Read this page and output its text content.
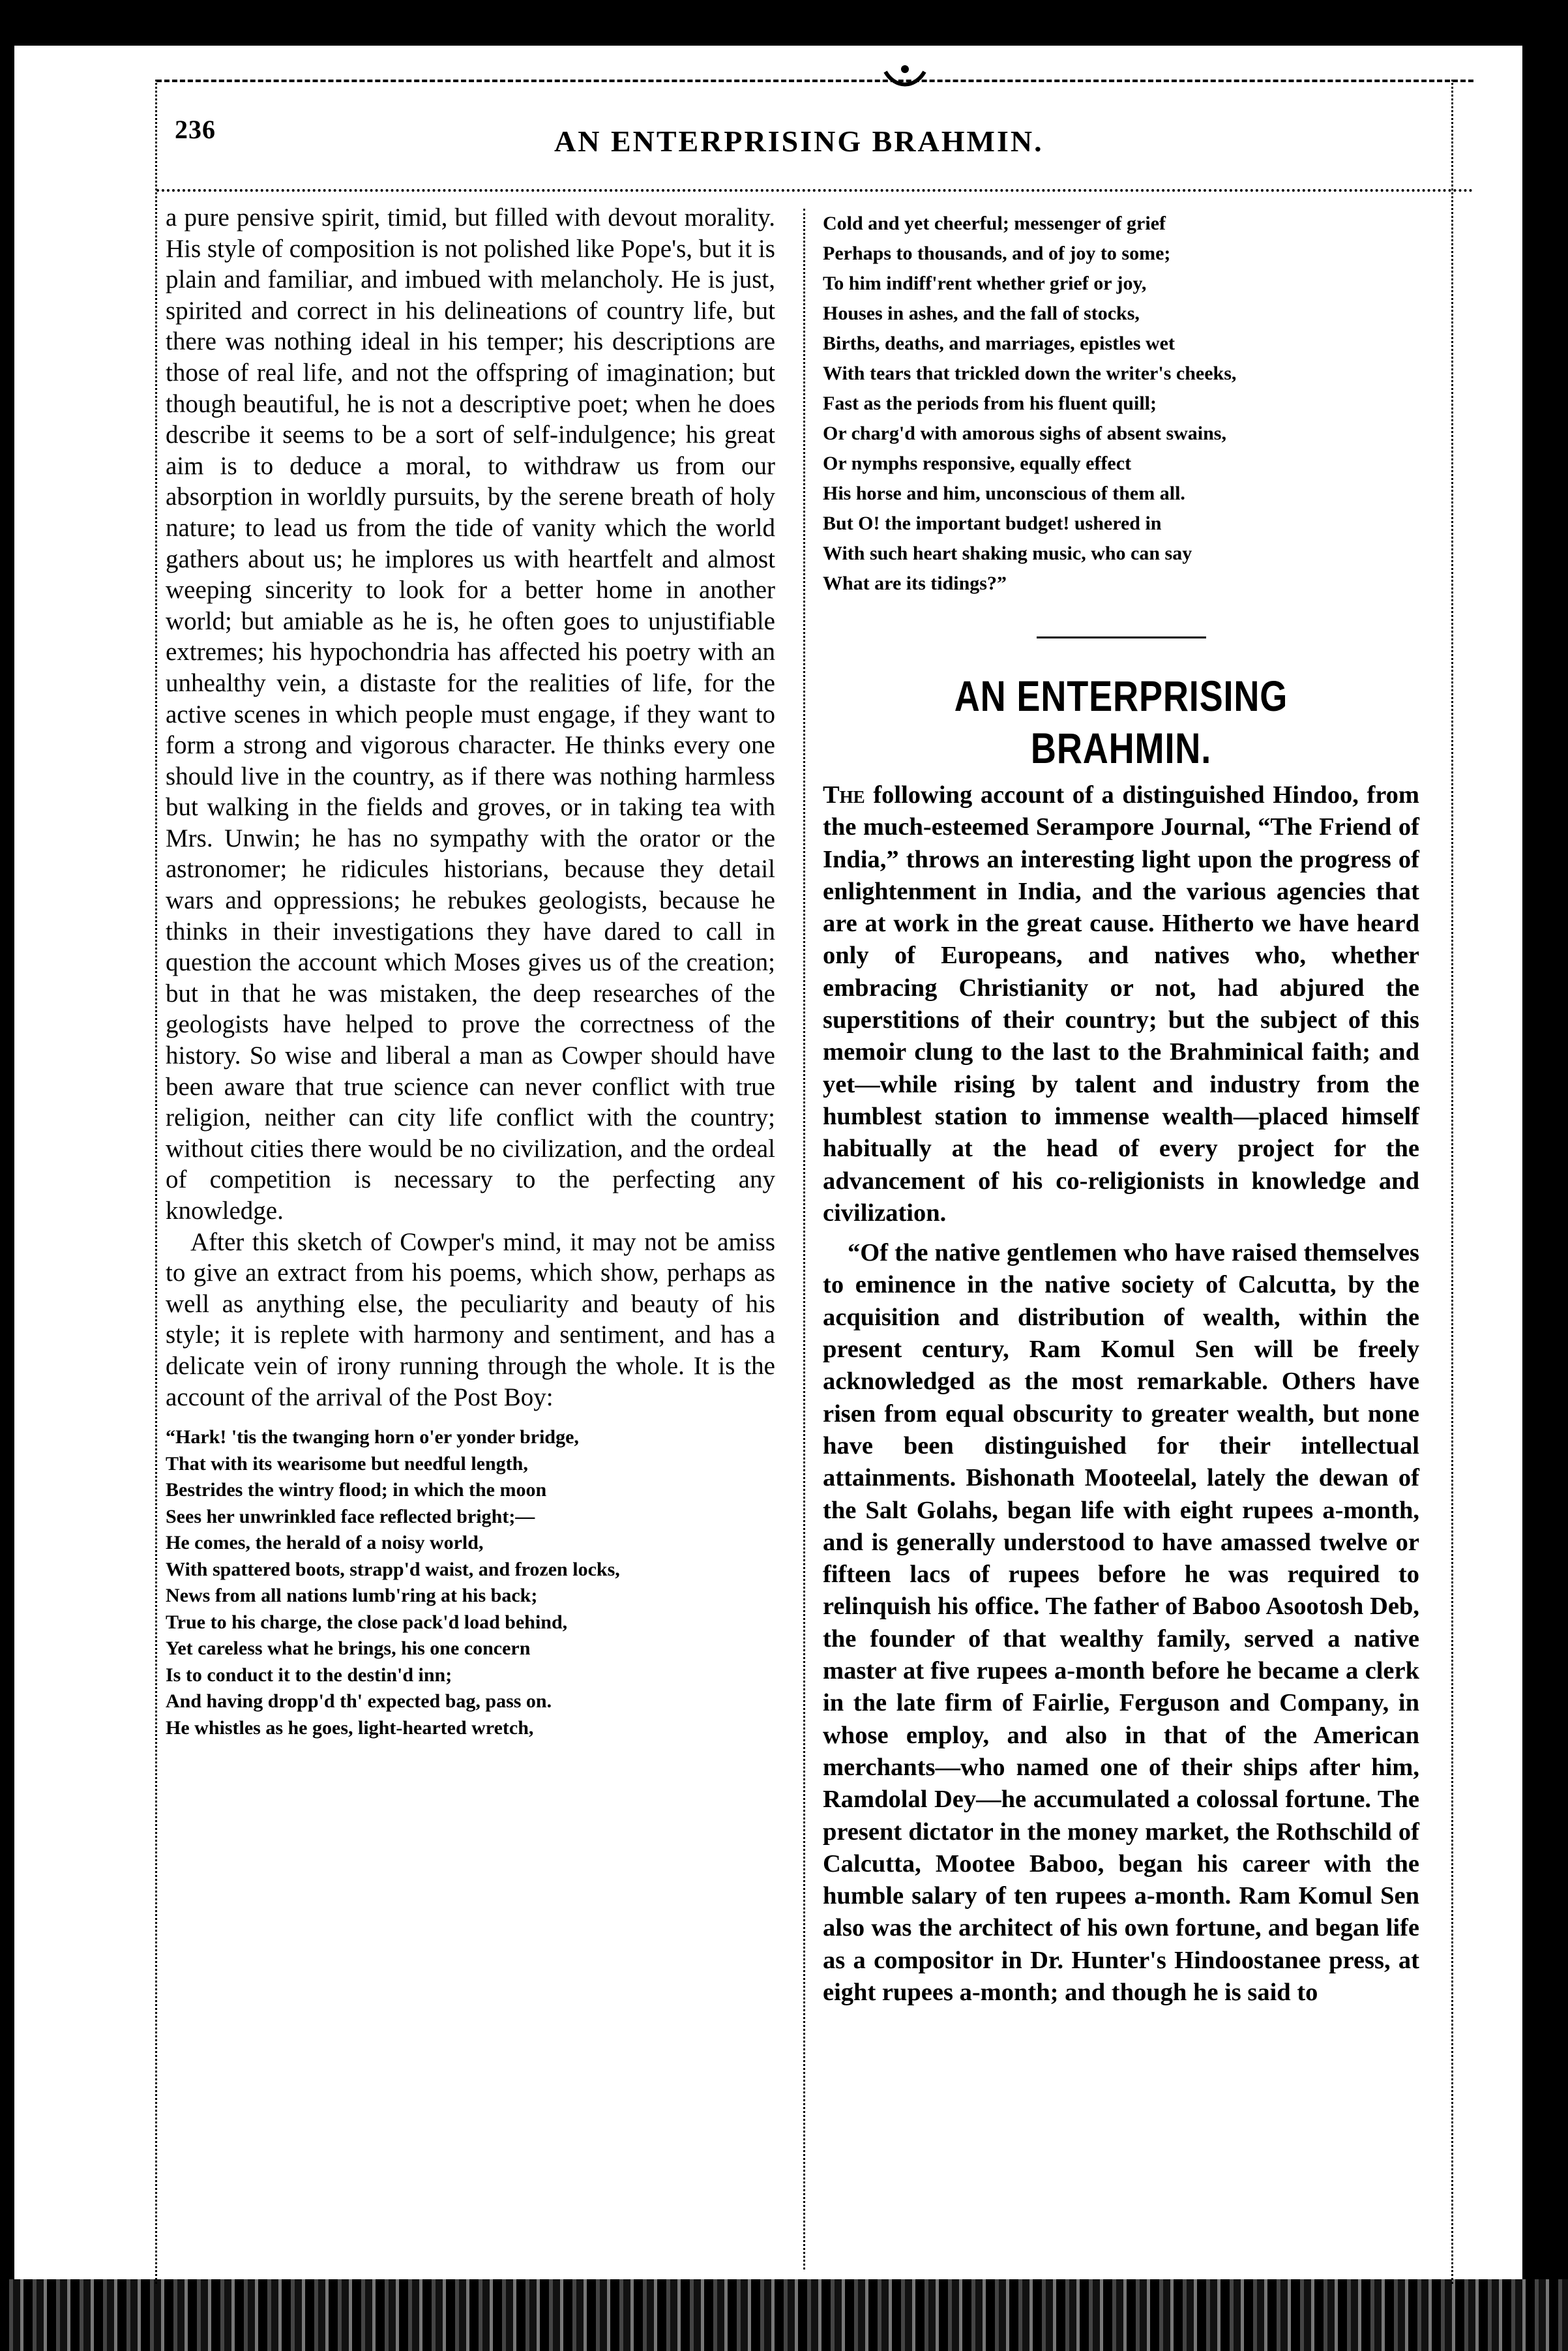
236	AN ENTERPRISING BRAHMIN.

a pure pensive spirit, timid, but filled with devout morality. His style of composition is not polished like Pope's, but it is plain and familiar, and imbued with melancholy. He is just, spirited and correct in his delineations of country life, but there was nothing ideal in his temper; his descriptions are those of real life, and not the offspring of imagination; but though beautiful, he is not a descriptive poet; when he does describe it seems to be a sort of self-indulgence; his great aim is to deduce a moral, to withdraw us from our absorption in worldly pursuits, by the serene breath of holy nature; to lead us from the tide of vanity which the world gathers about us; he implores us with heartfelt and almost weeping sincerity to look for a better home in another world; but amiable as he is, he often goes to unjustifiable extremes; his hypochondria has affected his poetry with an unhealthy vein, a distaste for the realities of life, for the active scenes in which people must engage, if they want to form a strong and vigorous character. He thinks every one should live in the country, as if there was nothing harmless but walking in the fields and groves, or in taking tea with Mrs. Unwin; he has no sympathy with the orator or the astronomer; he ridicules historians, because they detail wars and oppressions; he rebukes geologists, because he thinks in their investigations they have dared to call in question the account which Moses gives us of the creation; but in that he was mistaken, the deep researches of the geologists have helped to prove the correctness of the history. So wise and liberal a man as Cowper should have been aware that true science can never conflict with true religion, neither can city life conflict with the country; without cities there would be no civilization, and the ordeal of competition is necessary to the perfecting any knowledge.

After this sketch of Cowper's mind, it may not be amiss to give an extract from his poems, which show, perhaps as well as anything else, the peculiarity and beauty of his style; it is replete with harmony and sentiment, and has a delicate vein of irony running through the whole. It is the account of the arrival of the Post Boy:

“Hark! 'tis the twanging horn o'er yonder bridge,
That with its wearisome but needful length,
Bestrides the wintry flood; in which the moon
Sees her unwrinkled face reflected bright;—
He comes, the herald of a noisy world,
With spattered boots, strapp'd waist, and frozen locks,
News from all nations lumb'ring at his back;
True to his charge, the close pack'd load behind,
Yet careless what he brings, his one concern
Is to conduct it to the destin'd inn;
And having dropp'd th' expected bag, pass on.
He whistles as he goes, light-hearted wretch,
Cold and yet cheerful; messenger of grief
Perhaps to thousands, and of joy to some;
To him indiff'rent whether grief or joy,
Houses in ashes, and the fall of stocks,
Births, deaths, and marriages, epistles wet
With tears that trickled down the writer's cheeks,
Fast as the periods from his fluent quill;
Or charg'd with amorous sighs of absent swains,
Or nymphs responsive, equally effect
His horse and him, unconscious of them all.
But O! the important budget! ushered in
With such heart shaking music, who can say
What are its tidings?”
AN ENTERPRISING BRAHMIN.

The following account of a distinguished Hindoo, from the much-esteemed Serampore Journal, “The Friend of India,” throws an interesting light upon the progress of enlightenment in India, and the various agencies that are at work in the great cause. Hitherto we have heard only of Europeans, and natives who, whether embracing Christianity or not, had abjured the superstitions of their country; but the subject of this memoir clung to the last to the Brahminical faith; and yet—while rising by talent and industry from the humblest station to immense wealth—placed himself habitually at the head of every project for the advancement of his co-religionists in knowledge and civilization.

“Of the native gentlemen who have raised themselves to eminence in the native society of Calcutta, by the acquisition and distribution of wealth, within the present century, Ram Komul Sen will be freely acknowledged as the most remarkable. Others have risen from equal obscurity to greater wealth, but none have been distinguished for their intellectual attainments. Bishonath Mooteelal, lately the dewan of the Salt Golahs, began life with eight rupees a-month, and is generally understood to have amassed twelve or fifteen lacs of rupees before he was required to relinquish his office. The father of Baboo Asootosh Deb, the founder of that wealthy family, served a native master at five rupees a-month before he became a clerk in the late firm of Fairlie, Ferguson and Company, in whose employ, and also in that of the American merchants—who named one of their ships after him, Ramdolal Dey—he accumulated a colossal fortune. The present dictator in the money market, the Rothschild of Calcutta, Mootee Baboo, began his career with the humble salary of ten rupees a-month. Ram Komul Sen also was the architect of his own fortune, and began life as a compositor in Dr. Hunter's Hindoostanee press, at eight rupees a-month; and though he is said to
